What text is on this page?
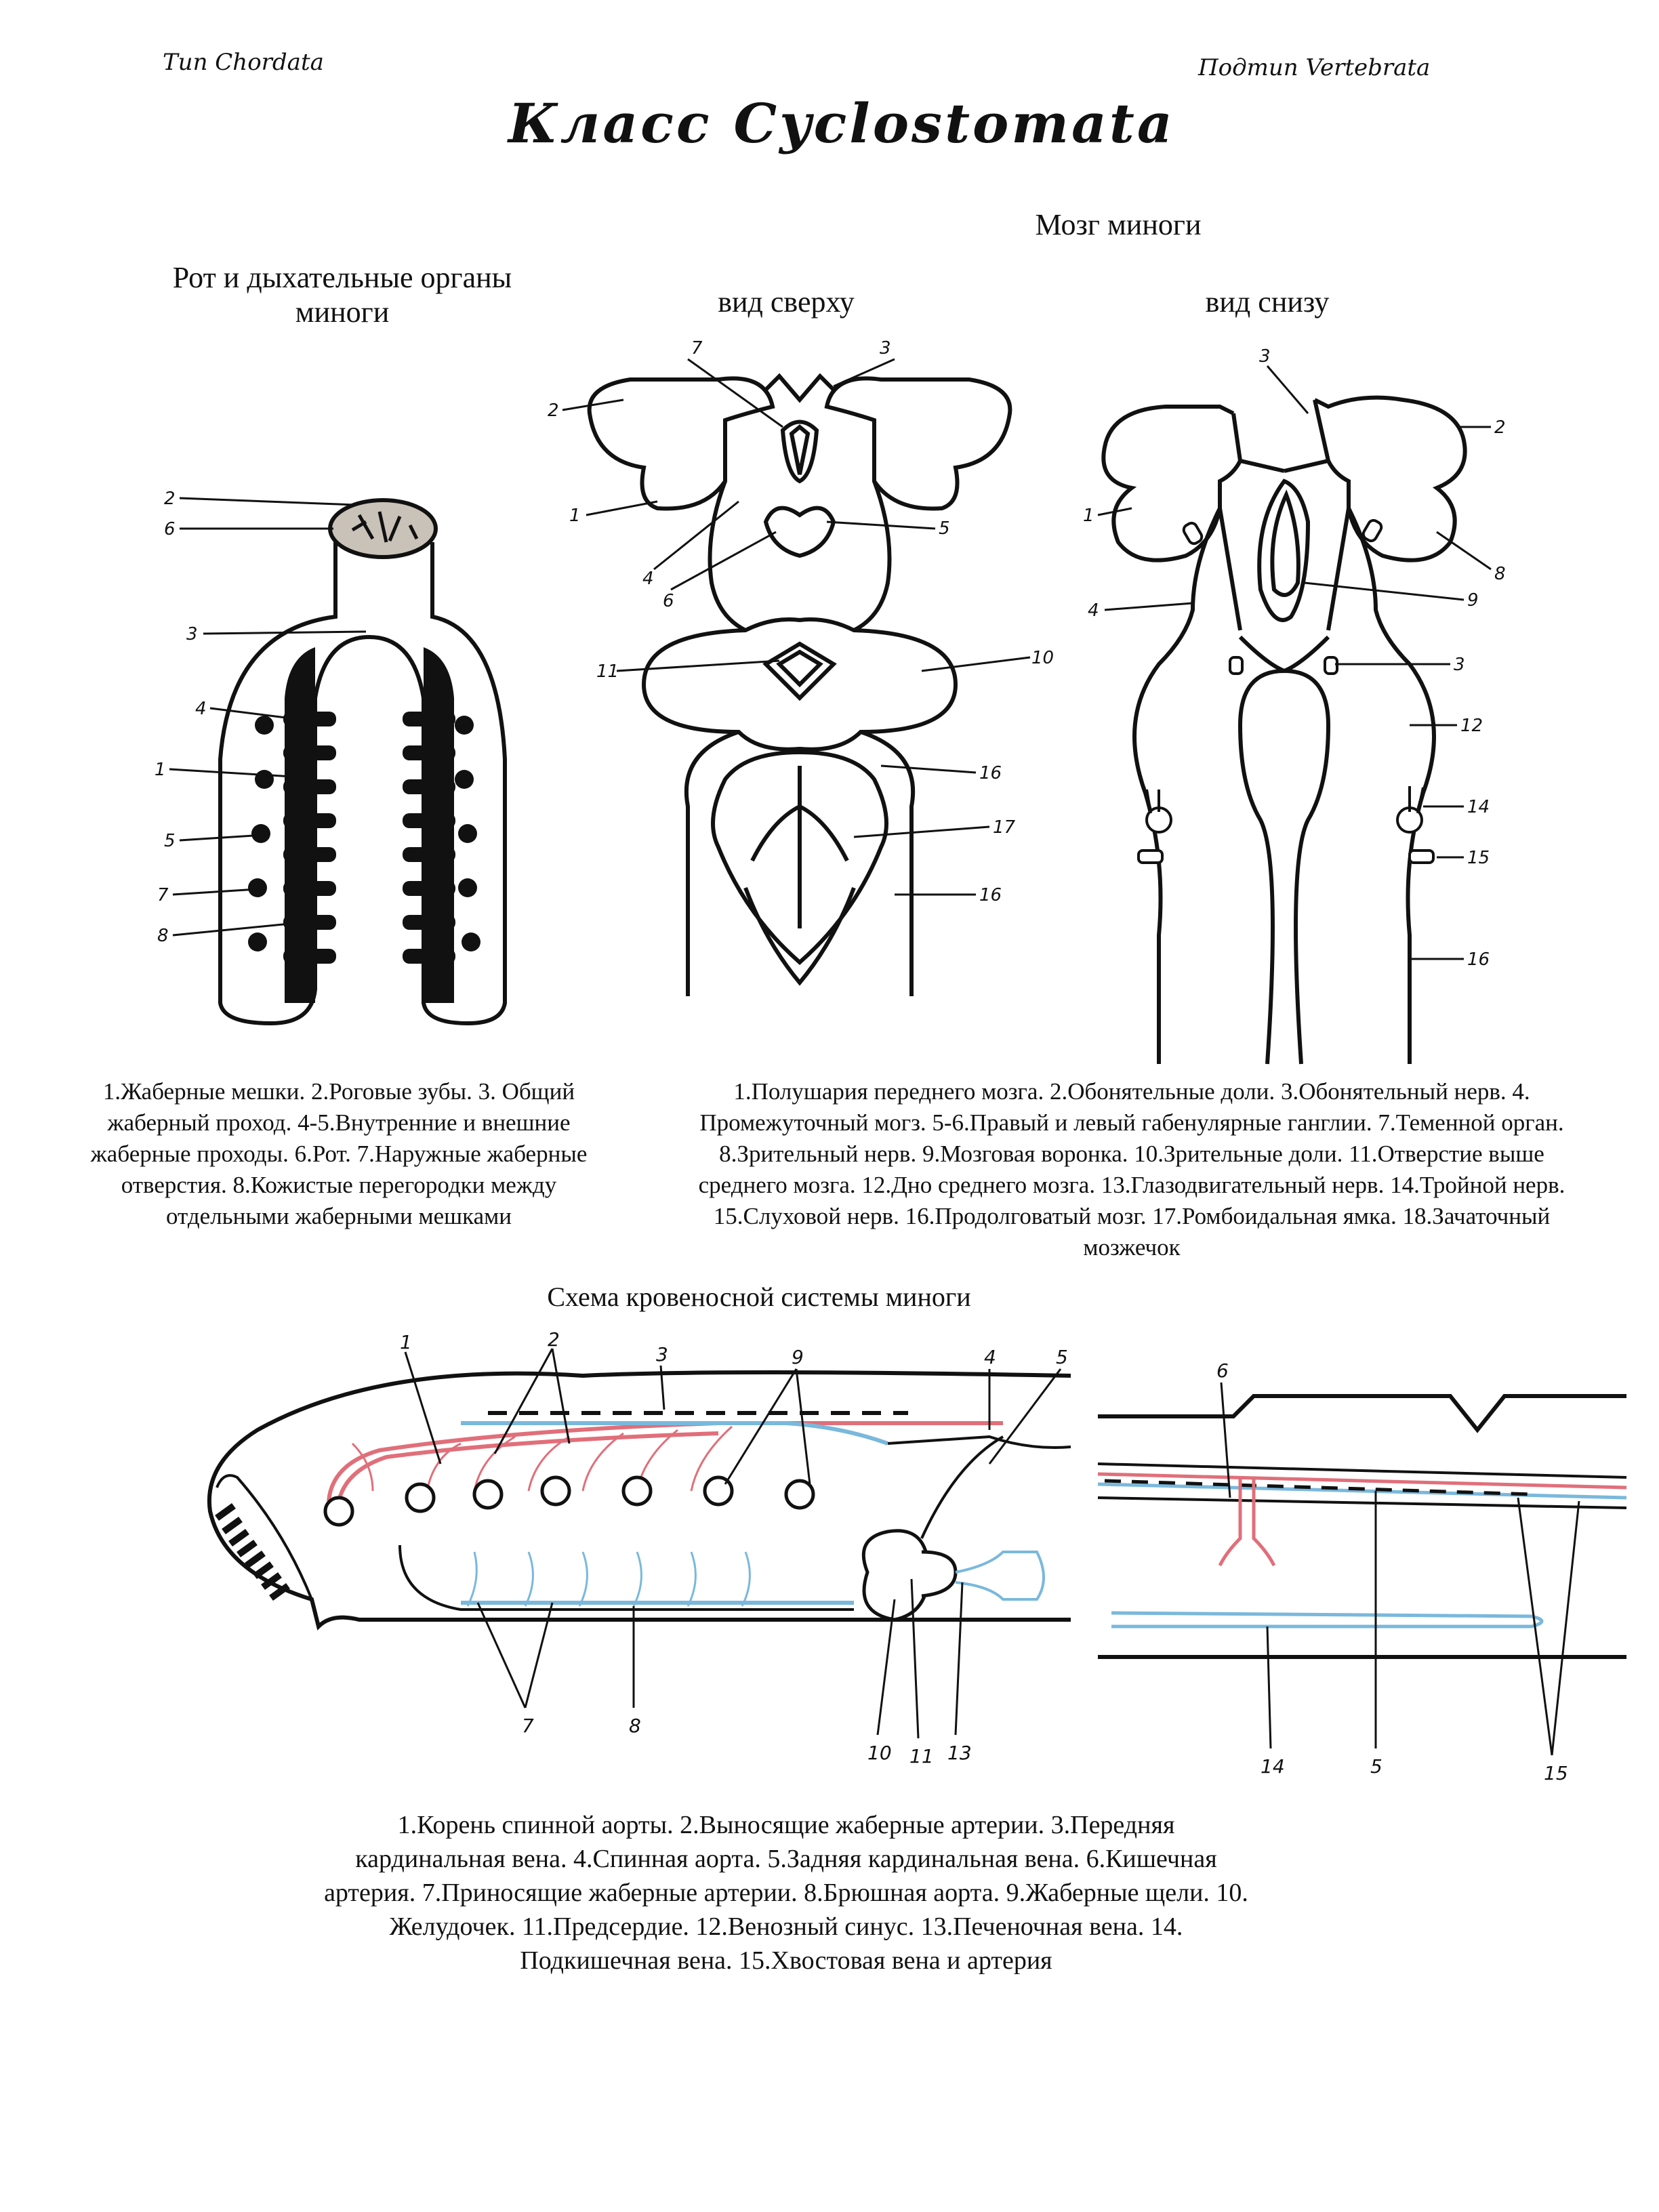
Тип Chordata	Подтип Vertebrata
Класс Cyclostomata
Рот и дыхательные органы
миноги
Мозг миноги
вид сверху	вид снизу
2
6
3
4
1
5
7
8
7	3
2
1
4
6
5
11
10
16
17
16
3
2
1
8
4	9
3
12
14
15
16
1.Жаберные мешки. 2.Роговые зубы. 3. Общий
жаберный проход. 4-5.Внутренние и внешние
жаберные проходы. 6.Рот. 7.Наружные жаберные
отверстия. 8.Кожистые перегородки между
отдельными жаберными мешками
1.Полушария переднего мозга. 2.Обонятельные доли. 3.Обонятельный нерв. 4.
Промежуточный могз. 5-6.Правый и левый габенулярные ганглии. 7.Теменной орган.
8.Зрительный нерв. 9.Мозговая воронка. 10.Зрительные доли. 11.Отверстие выше
среднего мозга. 12.Дно среднего мозга. 13.Глазодвигательный нерв. 14.Тройной нерв.
15.Слуховой нерв. 16.Продолговатый мозг. 17.Ромбоидальная ямка. 18.Зачаточный
мозжечок
Схема кровеносной системы миноги
1	2
3	4	5
9
6
7	8
10 11 13
14	5	15
1.Корень спинной аорты. 2.Выносящие жаберные артерии. 3.Передняя
кардинальная вена. 4.Спинная аорта. 5.Задняя кардинальная вена. 6.Кишечная
артерия. 7.Приносящие жаберные артерии. 8.Брюшная аорта. 9.Жаберные щели. 10.
Желудочек. 11.Предсердие. 12.Венозный синус. 13.Печеночная вена. 14.
Подкишечная вена. 15.Хвостовая вена и артерия
